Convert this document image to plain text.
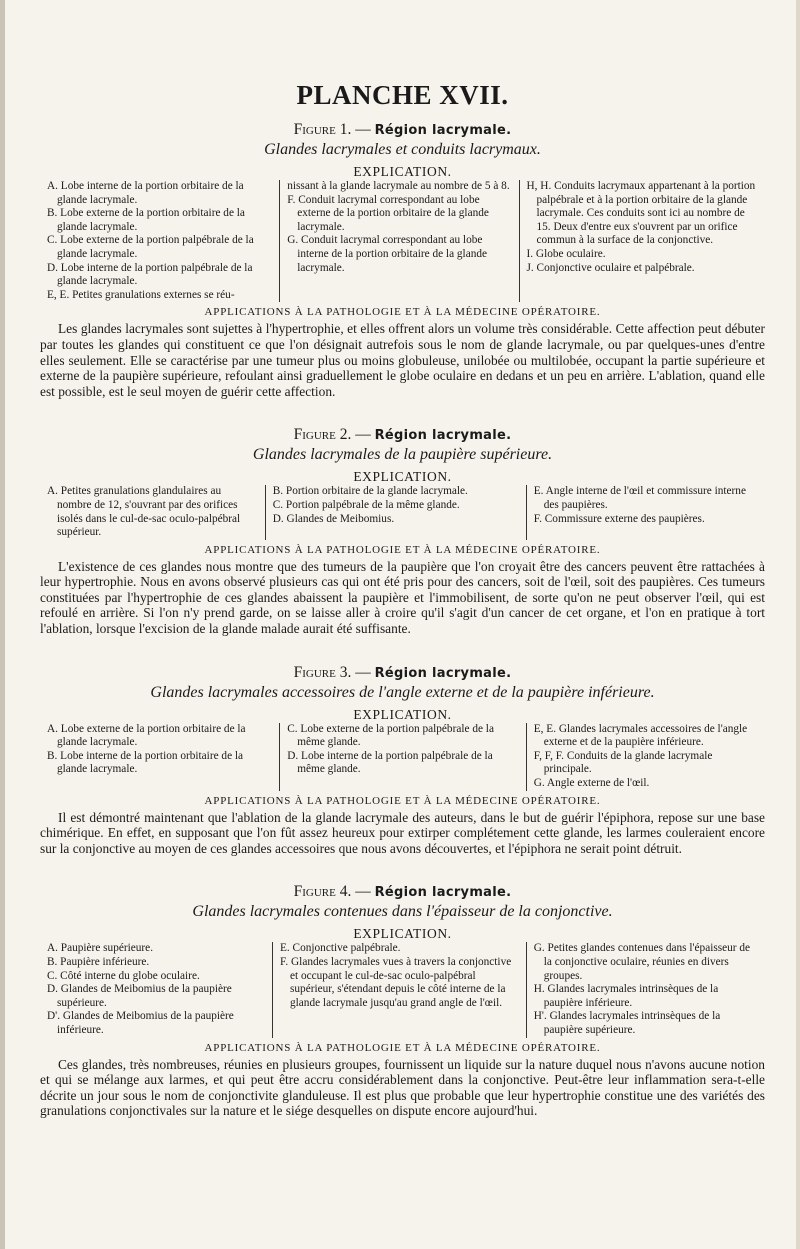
PLANCHE XVII.
Figure 1. — Région lacrymale.
Glandes lacrymales et conduits lacrymaux.
EXPLICATION.

A. Lobe interne de la portion orbitaire de la glande lacrymale.

B. Lobe externe de la portion orbitaire de la glande lacrymale.

C. Lobe externe de la portion palpébrale de la glande lacrymale.

D. Lobe interne de la portion palpébrale de la glande lacrymale.

E, E. Petites granulations externes se réu-

nissant à la glande lacrymale au nombre de 5 à 8.

F. Conduit lacrymal correspondant au lobe externe de la portion orbitaire de la glande lacrymale.

G. Conduit lacrymal correspondant au lobe interne de la portion orbitaire de la glande lacrymale.

H, H. Conduits lacrymaux appartenant à la portion palpébrale et à la portion orbitaire de la glande lacrymale. Ces conduits sont ici au nombre de 15. Deux d'entre eux s'ouvrent par un orifice commun à la surface de la conjonctive.

I. Globe oculaire.

J. Conjonctive oculaire et palpébrale.

APPLICATIONS À LA PATHOLOGIE ET À LA MÉDECINE OPÉRATOIRE.

Les glandes lacrymales sont sujettes à l'hypertrophie, et elles offrent alors un volume très considérable. Cette affection peut débuter par toutes les glandes qui constituent ce que l'on désignait autrefois sous le nom de glande lacrymale, ou par quelques-unes d'entre elles seulement. Elle se caractérise par une tumeur plus ou moins globuleuse, unilobée ou multilobée, occupant la partie supérieure et externe de la paupière supérieure, refoulant ainsi graduellement le globe oculaire en dedans et un peu en arrière. L'ablation, quand elle est possible, est le seul moyen de guérir cette affection.

Figure 2. — Région lacrymale.
Glandes lacrymales de la paupière supérieure.
EXPLICATION.

A. Petites granulations glandulaires au nombre de 12, s'ouvrant par des orifices isolés dans le cul-de-sac oculo-palpébral supérieur.

B. Portion orbitaire de la glande lacrymale.

C. Portion palpébrale de la même glande.

D. Glandes de Meibomius.

E. Angle interne de l'œil et commissure interne des paupières.

F. Commissure externe des paupières.

APPLICATIONS À LA PATHOLOGIE ET À LA MÉDECINE OPÉRATOIRE.

L'existence de ces glandes nous montre que des tumeurs de la paupière que l'on croyait être des cancers peuvent être rattachées à leur hypertrophie. Nous en avons observé plusieurs cas qui ont été pris pour des cancers, soit de l'œil, soit des paupières. Ces tumeurs constituées par l'hypertrophie de ces glandes abaissent la paupière et l'immobilisent, de sorte qu'on ne peut observer l'œil, qui est refoulé en arrière. Si l'on n'y prend garde, on se laisse aller à croire qu'il s'agit d'un cancer de cet organe, et l'on en pratique à tort l'ablation, lorsque l'excision de la glande malade aurait été suffisante.

Figure 3. — Région lacrymale.
Glandes lacrymales accessoires de l'angle externe et de la paupière inférieure.
EXPLICATION.

A. Lobe externe de la portion orbitaire de la glande lacrymale.

B. Lobe interne de la portion orbitaire de la glande lacrymale.

C. Lobe externe de la portion palpébrale de la même glande.

D. Lobe interne de la portion palpébrale de la même glande.

E, E. Glandes lacrymales accessoires de l'angle externe et de la paupière inférieure.

F, F, F. Conduits de la glande lacrymale principale.

G. Angle externe de l'œil.

APPLICATIONS À LA PATHOLOGIE ET À LA MÉDECINE OPÉRATOIRE.

Il est démontré maintenant que l'ablation de la glande lacrymale des auteurs, dans le but de guérir l'épiphora, repose sur une base chimérique. En effet, en supposant que l'on fût assez heureux pour extirper complétement cette glande, les larmes couleraient encore sur la conjonctive au moyen de ces glandes accessoires que nous avons découvertes, et l'épiphora ne serait point détruit.

Figure 4. — Région lacrymale.
Glandes lacrymales contenues dans l'épaisseur de la conjonctive.
EXPLICATION.

A. Paupière supérieure.

B. Paupière inférieure.

C. Côté interne du globe oculaire.

D. Glandes de Meibomius de la paupière supérieure.

D'. Glandes de Meibomius de la paupière inférieure.

E. Conjonctive palpébrale.

F. Glandes lacrymales vues à travers la conjonctive et occupant le cul-de-sac oculo-palpébral supérieur, s'étendant depuis le côté interne de la glande lacrymale jusqu'au grand angle de l'œil.

G. Petites glandes contenues dans l'épaisseur de la conjonctive oculaire, réunies en divers groupes.

H. Glandes lacrymales intrinsèques de la paupière inférieure.

H'. Glandes lacrymales intrinsèques de la paupière supérieure.

APPLICATIONS À LA PATHOLOGIE ET À LA MÉDECINE OPÉRATOIRE.

Ces glandes, très nombreuses, réunies en plusieurs groupes, fournissent un liquide sur la nature duquel nous n'avons aucune notion et qui se mélange aux larmes, et qui peut être accru considérablement dans la conjonctive. Peut-être leur inflammation sera-t-elle décrite un jour sous le nom de conjonctivite glanduleuse. Il est plus que probable que leur hypertrophie constitue une des variétés des granulations conjonctivales sur la nature et le siége desquelles on dispute encore aujourd'hui.
